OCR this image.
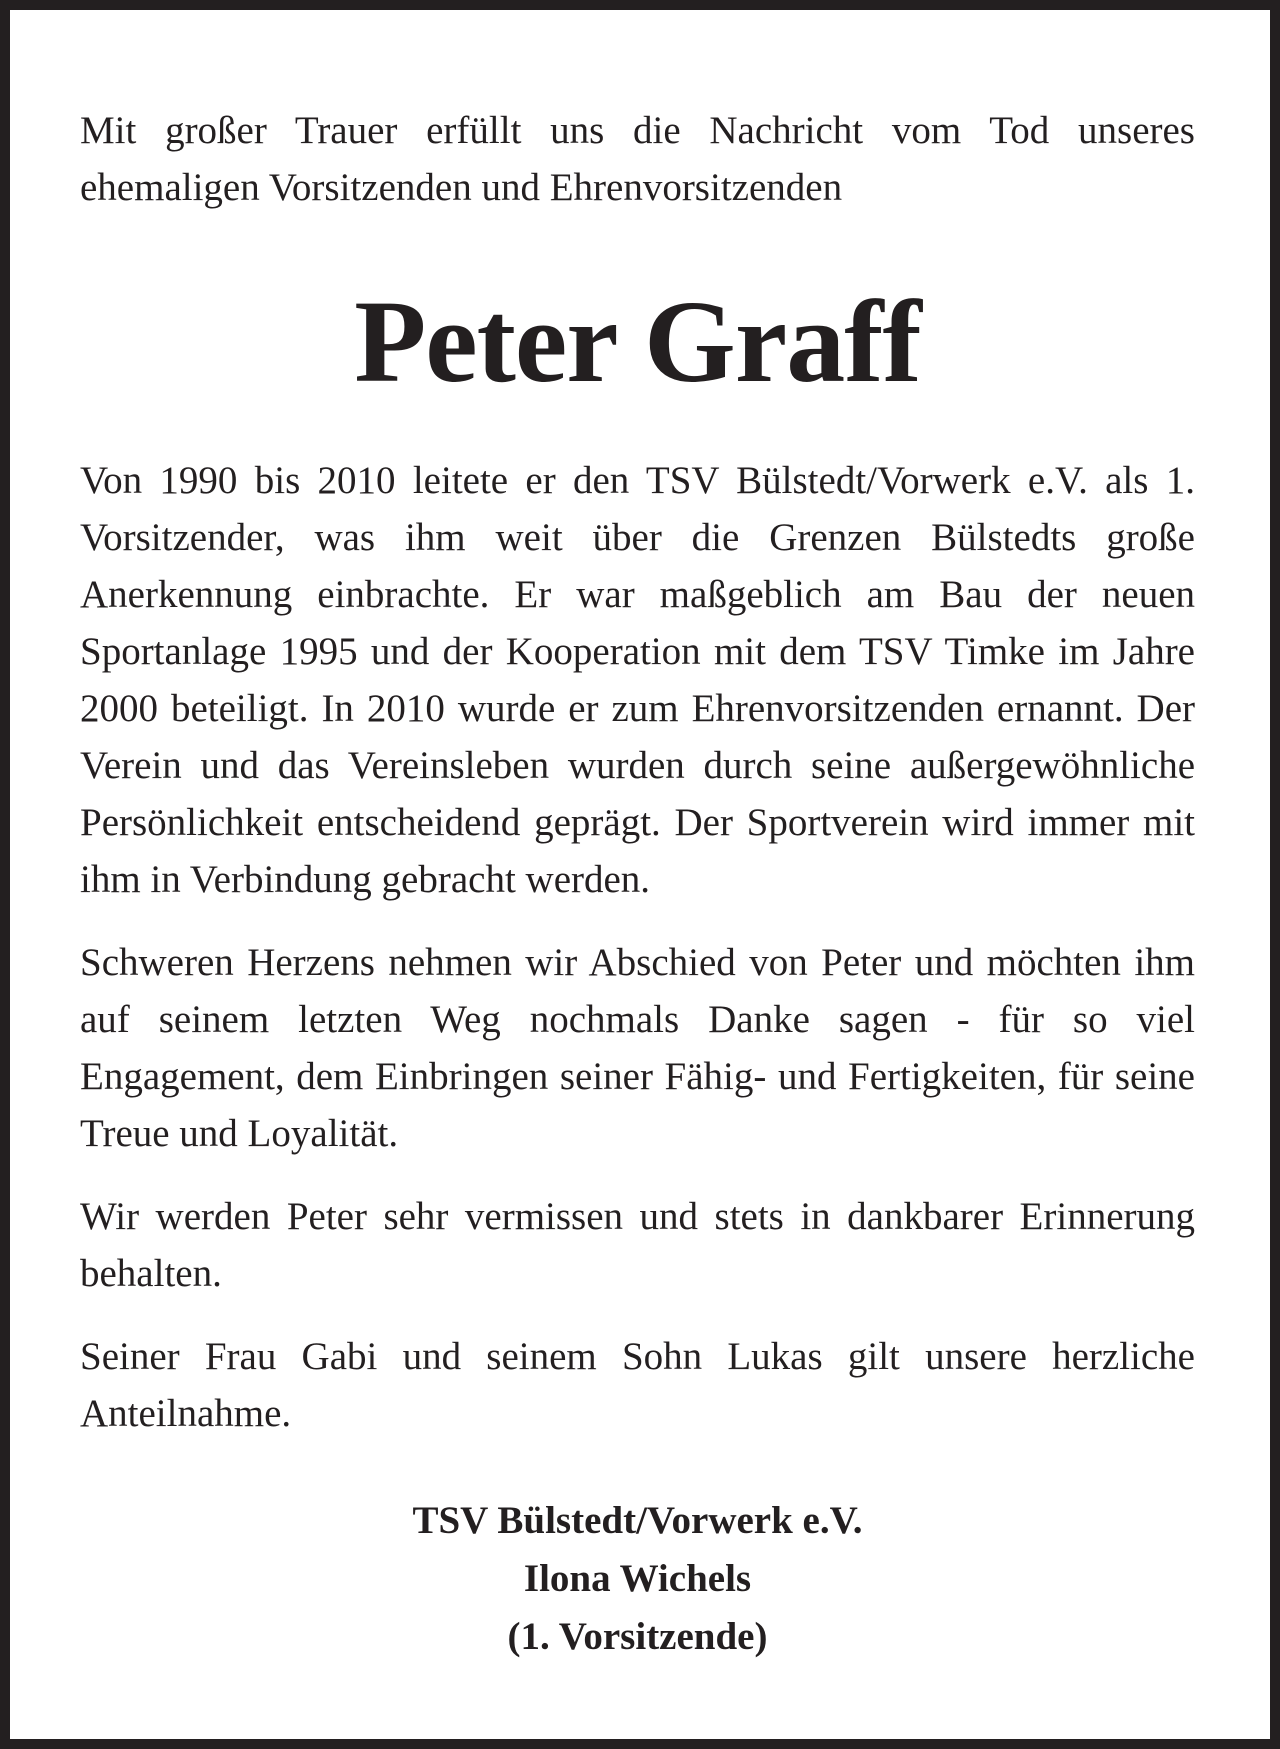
Mit großer Trauer erfüllt uns die Nachricht vom Tod unseres ehemaligen Vorsitzenden und Ehrenvorsitzenden

Peter Graff

Von 1990 bis 2010 leitete er den TSV Bülstedt/Vorwerk e.V. als 1. Vorsitzender, was ihm weit über die Grenzen Bülstedts große Anerkennung einbrachte. Er war maßgeblich am Bau der neuen Sportanlage 1995 und der Kooperation mit dem TSV Timke im Jahre 2000 beteiligt. In 2010 wurde er zum Ehrenvorsitzenden ernannt. Der Verein und das Vereinsleben wurden durch seine außergewöhnliche Persönlichkeit entscheidend geprägt. Der Sportverein wird immer mit ihm in Verbindung gebracht werden.

Schweren Herzens nehmen wir Abschied von Peter und möchten ihm auf seinem letzten Weg nochmals Danke sagen - für so viel Engagement, dem Einbringen seiner Fähig- und Fertigkeiten, für seine Treue und Loyalität.

Wir werden Peter sehr vermissen und stets in dankbarer Erinnerung behalten.

Seiner Frau Gabi und seinem Sohn Lukas gilt unsere herzliche Anteilnahme.

TSV Bülstedt/Vorwerk e.V.
Ilona Wichels
(1. Vorsitzende)
